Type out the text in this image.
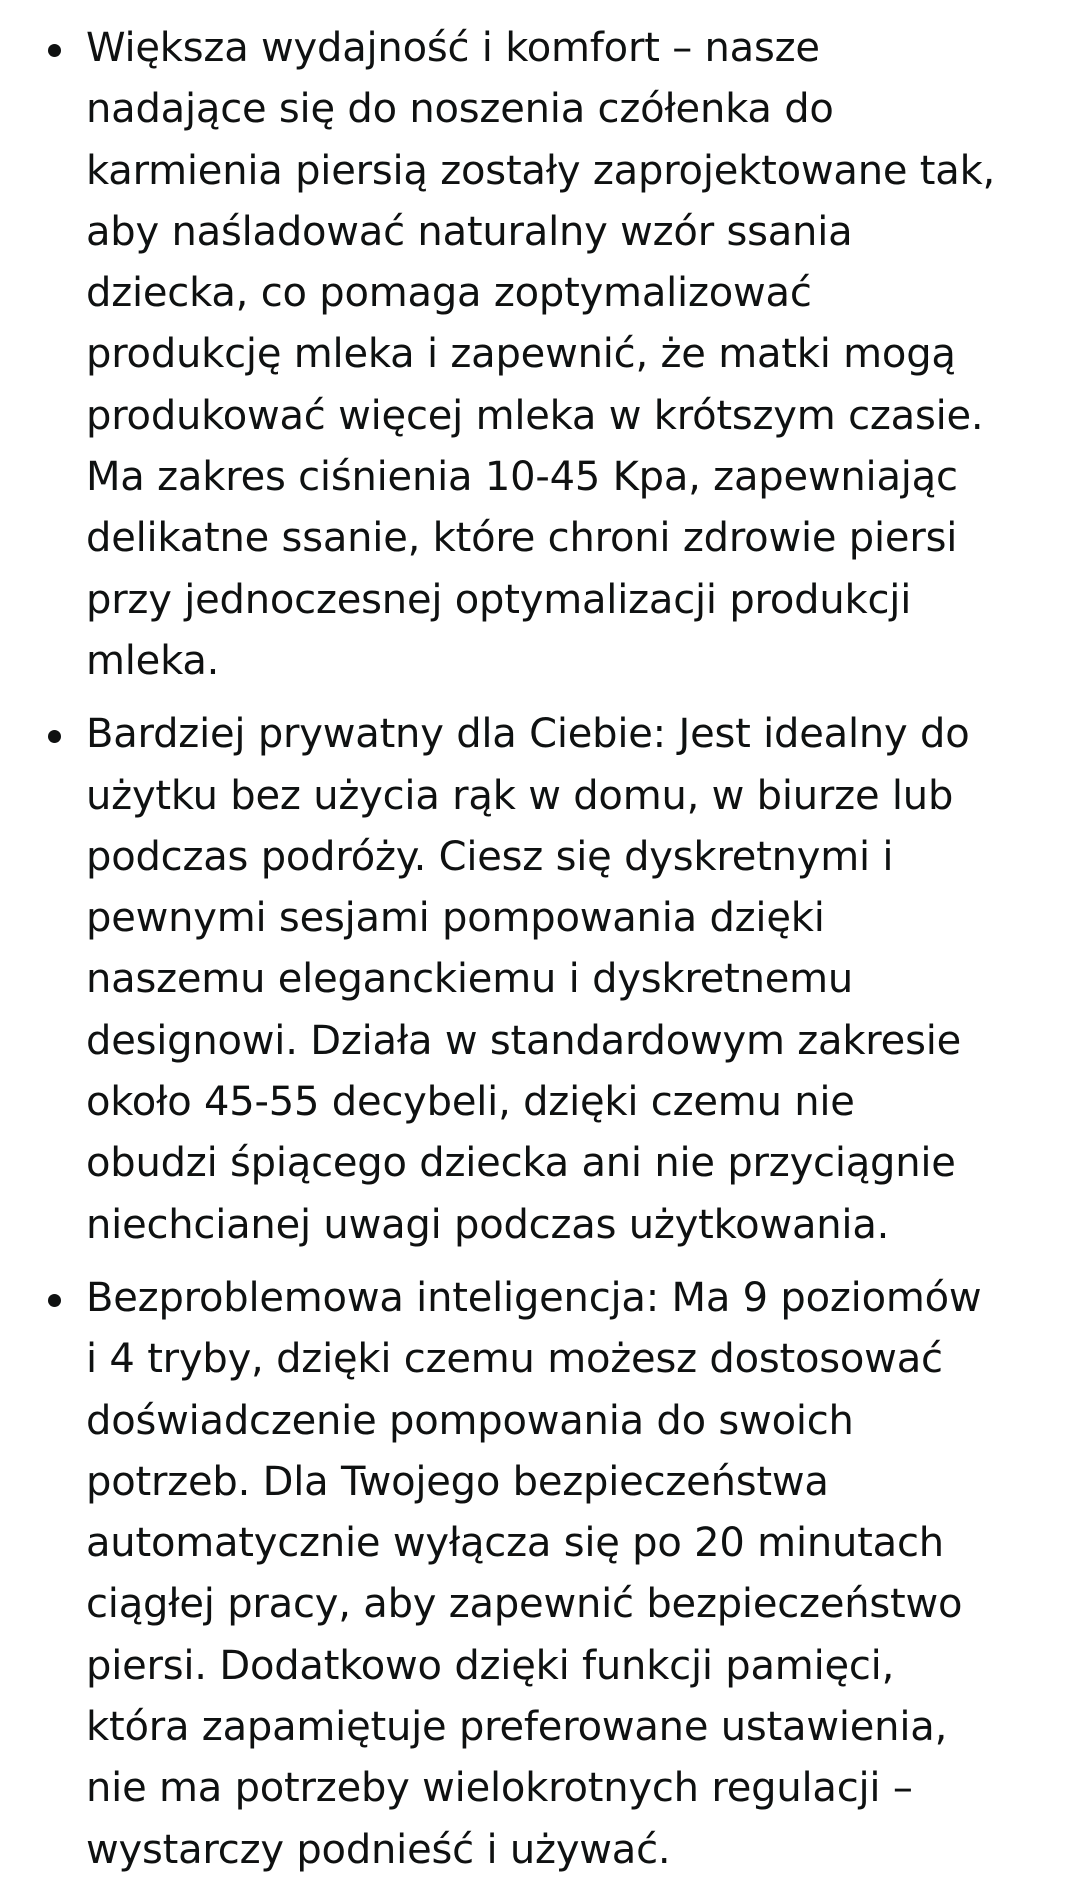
Większa wydajność i komfort – nasze
nadające się do noszenia czółenka do
karmienia piersią zostały zaprojektowane tak,
aby naśladować naturalny wzór ssania
dziecka, co pomaga zoptymalizować
produkcję mleka i zapewnić, że matki mogą
produkować więcej mleka w krótszym czasie.
Ma zakres ciśnienia 10-45 Kpa, zapewniając
delikatne ssanie, które chroni zdrowie piersi
przy jednoczesnej optymalizacji produkcji
mleka.
Bardziej prywatny dla Ciebie: Jest idealny do
użytku bez użycia rąk w domu, w biurze lub
podczas podróży. Ciesz się dyskretnymi i
pewnymi sesjami pompowania dzięki
naszemu eleganckiemu i dyskretnemu
designowi. Działa w standardowym zakresie
około 45-55 decybeli, dzięki czemu nie
obudzi śpiącego dziecka ani nie przyciągnie
niechcianej uwagi podczas użytkowania.
Bezproblemowa inteligencja: Ma 9 poziomów
i 4 tryby, dzięki czemu możesz dostosować
doświadczenie pompowania do swoich
potrzeb. Dla Twojego bezpieczeństwa
automatycznie wyłącza się po 20 minutach
ciągłej pracy, aby zapewnić bezpieczeństwo
piersi. Dodatkowo dzięki funkcji pamięci,
która zapamiętuje preferowane ustawienia,
nie ma potrzeby wielokrotnych regulacji –
wystarczy podnieść i używać.
